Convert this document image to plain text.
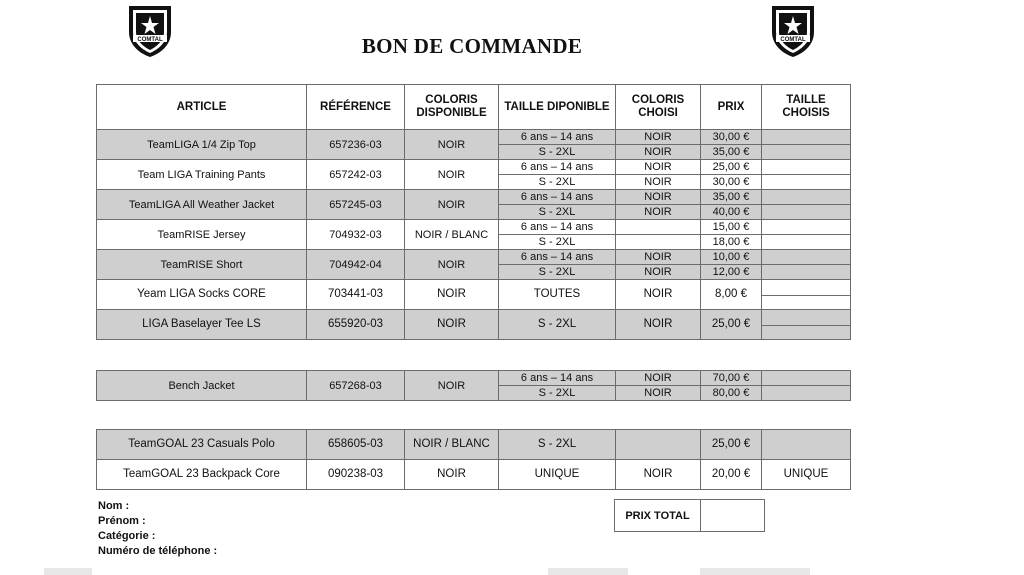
COMTAL	COMTAL
BON DE COMMANDE
ARTICLE	RÉFÉRENCE	COLORIS DISPONIBLE	TAILLE DIPONIBLE	COLORIS CHOISI	PRIX	TAILLE CHOISIS
TeamLIGA 1/4 Zip Top	657236-03	NOIR	6 ans – 14 ans	NOIR	30,00 €	
			S - 2XL	NOIR	35,00 €	
Team LIGA Training Pants	657242-03	NOIR	6 ans – 14 ans	NOIR	25,00 €	
			S - 2XL	NOIR	30,00 €	
TeamLIGA All Weather Jacket	657245-03	NOIR	6 ans – 14 ans	NOIR	35,00 €	
			S - 2XL	NOIR	40,00 €	
TeamRISE Jersey	704932-03	NOIR / BLANC	6 ans – 14 ans		15,00 €	
			S - 2XL		18,00 €	
TeamRISE Short	704942-04	NOIR	6 ans – 14 ans	NOIR	10,00 €	
			S - 2XL	NOIR	12,00 €	
Yeam LIGA Socks CORE	703441-03	NOIR	TOUTES	NOIR	8,00 €	

LIGA Baselayer Tee LS	655920-03	NOIR	S - 2XL	NOIR	25,00 €	
Bench Jacket	657268-03	NOIR	6 ans – 14 ans	NOIR	70,00 €	
			S - 2XL	NOIR	80,00 €	
TeamGOAL 23 Casuals Polo	658605-03	NOIR / BLANC	S - 2XL		25,00 €	
TeamGOAL 23 Backpack Core	090238-03	NOIR	UNIQUE	NOIR	20,00 €	UNIQUE
Nom :
Prénom :
Catégorie :
Numéro de téléphone :
PRIX TOTAL	
